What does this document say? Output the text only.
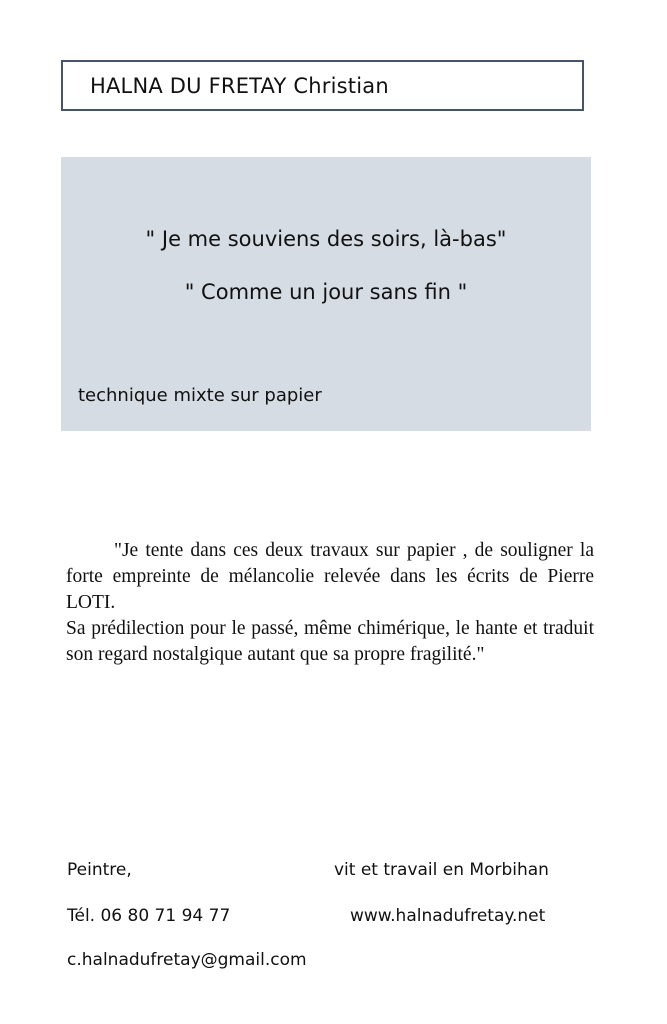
HALNA DU FRETAY Christian
" Je me souviens des soirs, là-bas"
" Comme un jour sans fin "
technique mixte sur papier

"Je tente dans ces deux travaux sur papier , de souligner la forte empreinte de mélancolie relevée dans les écrits de Pierre LOTI.

Sa prédilection pour le passé, même chimérique, le hante et traduit son regard nostalgique autant que sa propre fragilité."

Peintre,	vit et travail en Morbihan
Tél. 06 80 71 94 77	www.halnadufretay.net
c.halnadufretay@gmail.com
